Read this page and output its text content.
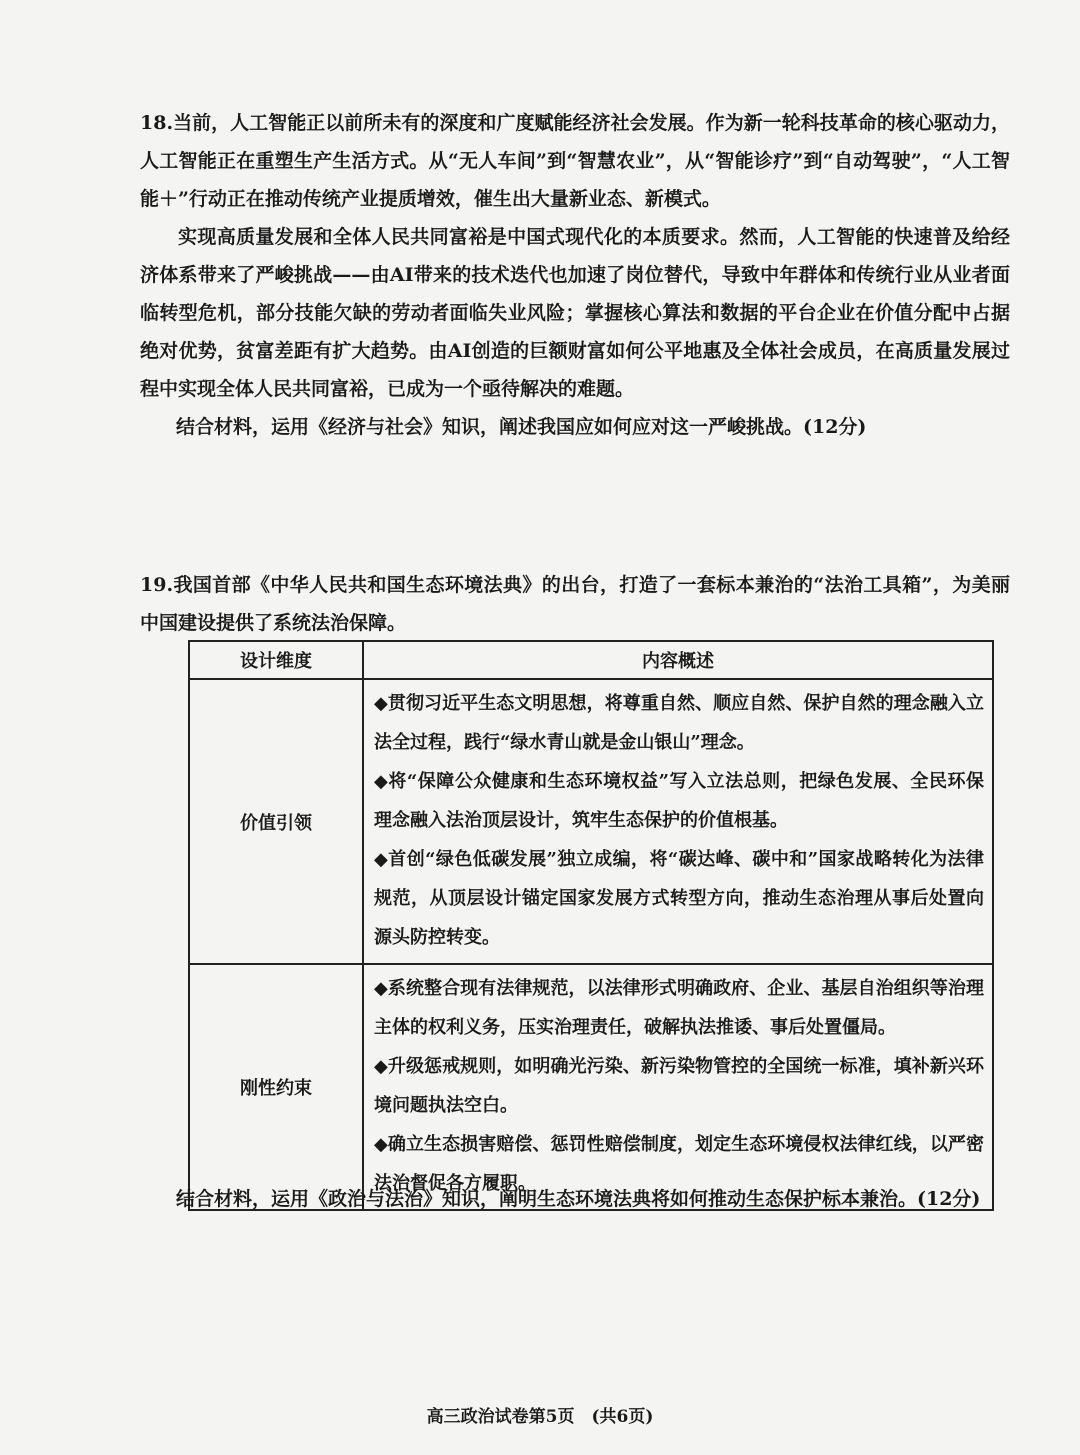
18.当前，人工智能正以前所未有的深度和广度赋能经济社会发展。作为新一轮科技革命的核心驱动力，人工智能正在重塑生产生活方式。从“无人车间”到“智慧农业”，从“智能诊疗”到“自动驾驶”，“人工智能＋”行动正在推动传统产业提质增效，催生出大量新业态、新模式。

实现高质量发展和全体人民共同富裕是中国式现代化的本质要求。然而，人工智能的快速普及给经济体系带来了严峻挑战——由AI带来的技术迭代也加速了岗位替代，导致中年群体和传统行业从业者面临转型危机，部分技能欠缺的劳动者面临失业风险；掌握核心算法和数据的平台企业在价值分配中占据绝对优势，贫富差距有扩大趋势。由AI创造的巨额财富如何公平地惠及全体社会成员，在高质量发展过程中实现全体人民共同富裕，已成为一个亟待解决的难题。

结合材料，运用《经济与社会》知识，阐述我国应如何应对这一严峻挑战。(12分)

19.我国首部《中华人民共和国生态环境法典》的出台，打造了一套标本兼治的“法治工具箱”，为美丽中国建设提供了系统法治保障。

设计维度	内容概述
价值引领	◆贯彻习近平生态文明思想，将尊重自然、顺应自然、保护自然的理念融入立法全过程，践行“绿水青山就是金山银山”理念。

◆将“保障公众健康和生态环境权益”写入立法总则，把绿色发展、全民环保理念融入法治顶层设计，筑牢生态保护的价值根基。

◆首创“绿色低碳发展”独立成编，将“碳达峰、碳中和”国家战略转化为法律规范，从顶层设计锚定国家发展方式转型方向，推动生态治理从事后处置向源头防控转变。

刚性约束	◆系统整合现有法律规范，以法律形式明确政府、企业、基层自治组织等治理主体的权利义务，压实治理责任，破解执法推诿、事后处置僵局。

◆升级惩戒规则，如明确光污染、新污染物管控的全国统一标准，填补新兴环境问题执法空白。

◆确立生态损害赔偿、惩罚性赔偿制度，划定生态环境侵权法律红线，以严密法治督促各方履职。

结合材料，运用《政治与法治》知识，阐明生态环境法典将如何推动生态保护标本兼治。(12分)
高三政治试卷第5页　(共6页)
